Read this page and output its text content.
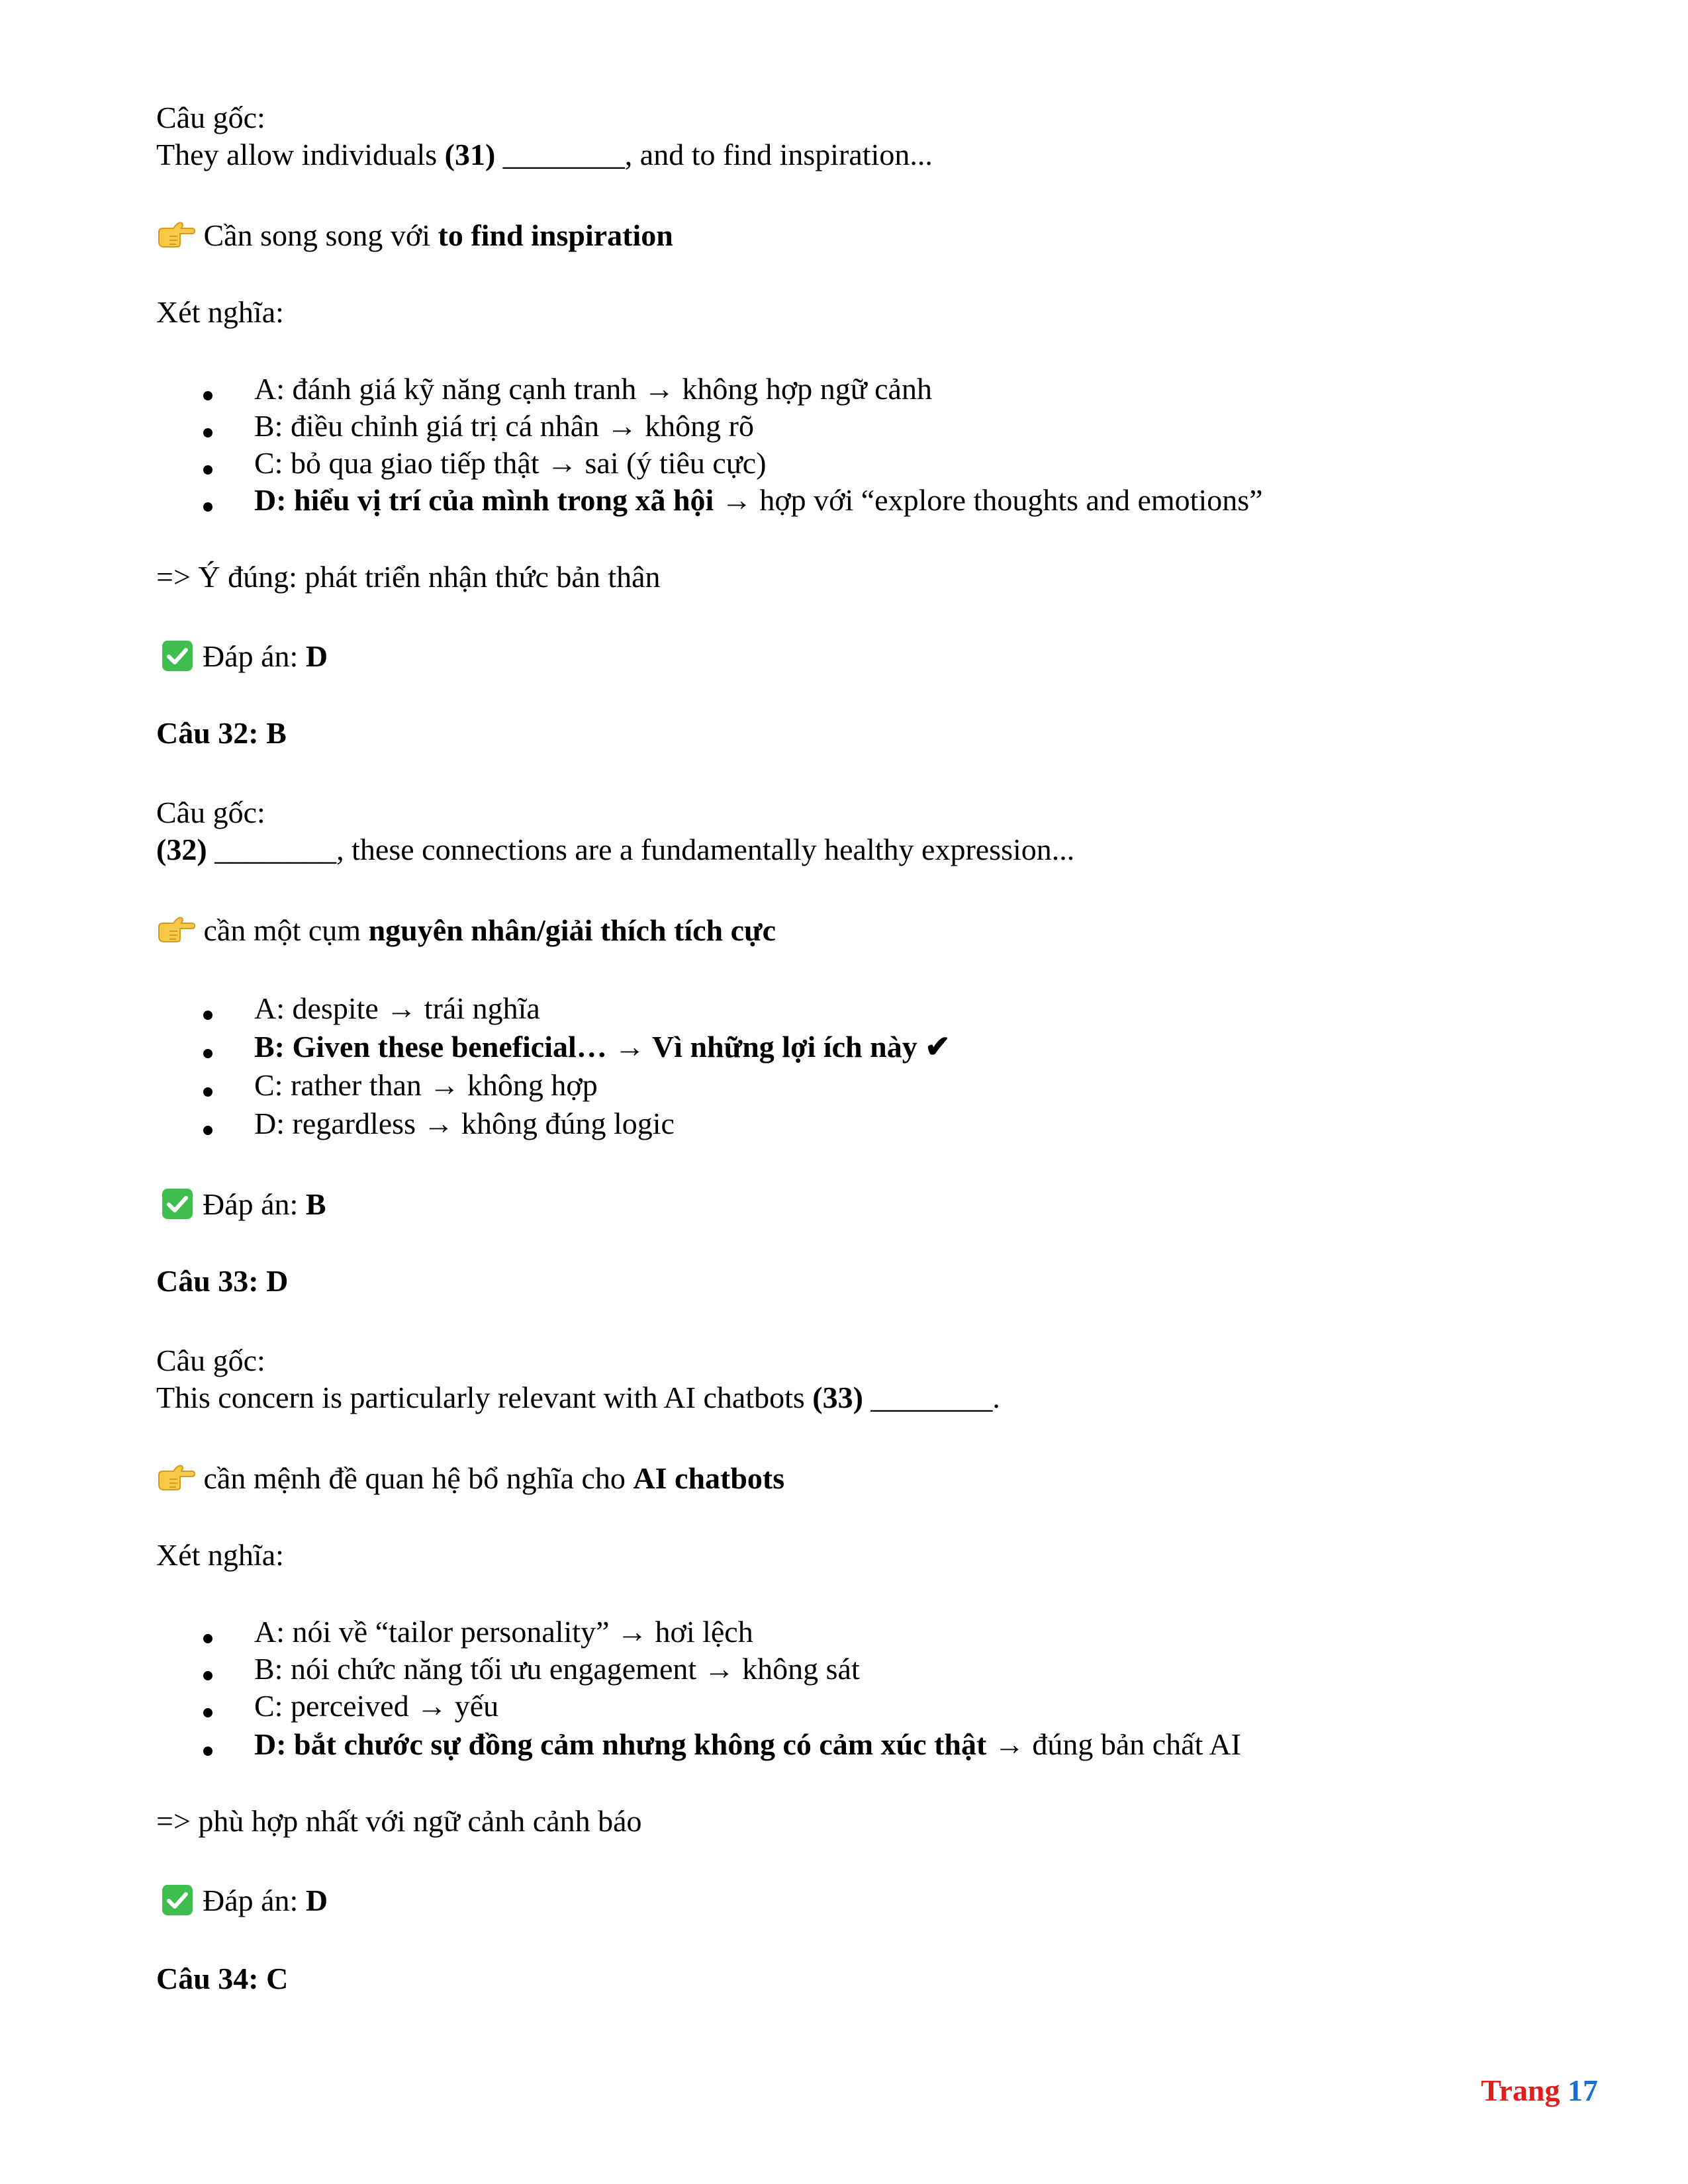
Câu gốc:

They allow individuals (31) ________, and to find inspiration...

Cần song song với to find inspiration

Xét nghĩa:

A: đánh giá kỹ năng cạnh tranh → không hợp ngữ cảnh

B: điều chỉnh giá trị cá nhân → không rõ

C: bỏ qua giao tiếp thật → sai (ý tiêu cực)

D: hiểu vị trí của mình trong xã hội → hợp với “explore thoughts and emotions”

=> Ý đúng: phát triển nhận thức bản thân

Đáp án: D

Câu 32: B

Câu gốc:

(32) ________, these connections are a fundamentally healthy expression...

cần một cụm nguyên nhân/giải thích tích cực

A: despite → trái nghĩa

B: Given these beneficial… → Vì những lợi ích này ✔

C: rather than → không hợp

D: regardless → không đúng logic

Đáp án: B

Câu 33: D

Câu gốc:

This concern is particularly relevant with AI chatbots (33) ________.

cần mệnh đề quan hệ bổ nghĩa cho AI chatbots

Xét nghĩa:

A: nói về “tailor personality” → hơi lệch

B: nói chức năng tối ưu engagement → không sát

C: perceived → yếu

D: bắt chước sự đồng cảm nhưng không có cảm xúc thật → đúng bản chất AI

=> phù hợp nhất với ngữ cảnh cảnh báo

Đáp án: D

Câu 34: C

Trang 17
